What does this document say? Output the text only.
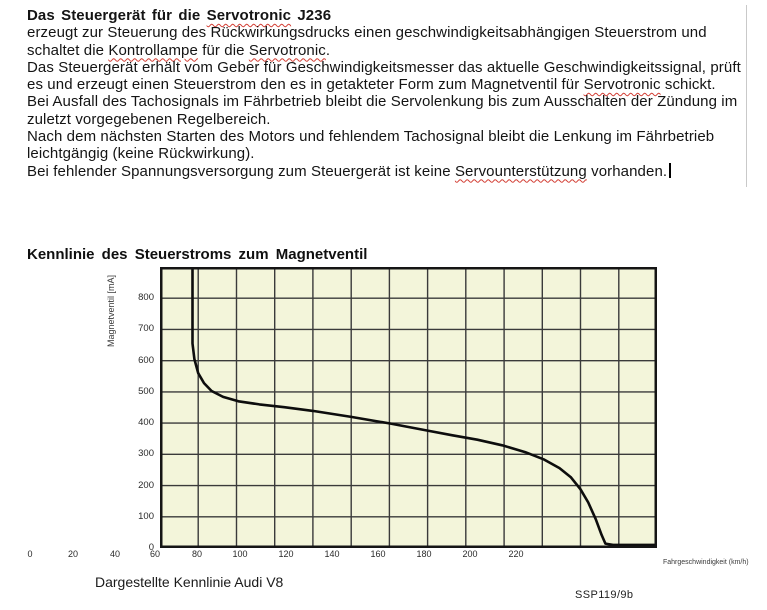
Das Steuergerät für die Servotronic J236
erzeugt zur Steuerung des Rückwirkungsdrucks einen geschwindigkeitsabhängigen Steuerstrom und
schaltet die Kontrollampe für die Servotronic.
Das Steuergerät erhält vom Geber für Geschwindigkeitsmesser das aktuelle Geschwindigkeitssignal, prüft
es und erzeugt einen Steuerstrom den es in getakteter Form zum Magnetventil für Servotronic schickt.
Bei Ausfall des Tachosignals im Fährbetrieb bleibt die Servolenkung bis zum Ausschalten der Zündung im
zuletzt vorgegebenen Regelbereich.
Nach dem nächsten Starten des Motors und fehlendem Tachosignal bleibt die Lenkung im Fährbetrieb
leichtgängig (keine Rückwirkung).
Bei fehlender Spannungsversorgung zum Steuergerät ist keine Servounterstützung vorhanden.
Kennlinie des Steuerstroms zum Magnetventil
Magnetventil [mA]
Fahrgeschwindigkeit (km/h)
Dargestellte Kennlinie Audi V8
SSP119/9b
0
100
200
300
400
500
600
700
800
0	20	40	60	80	100	120	140	160	180	200	220
